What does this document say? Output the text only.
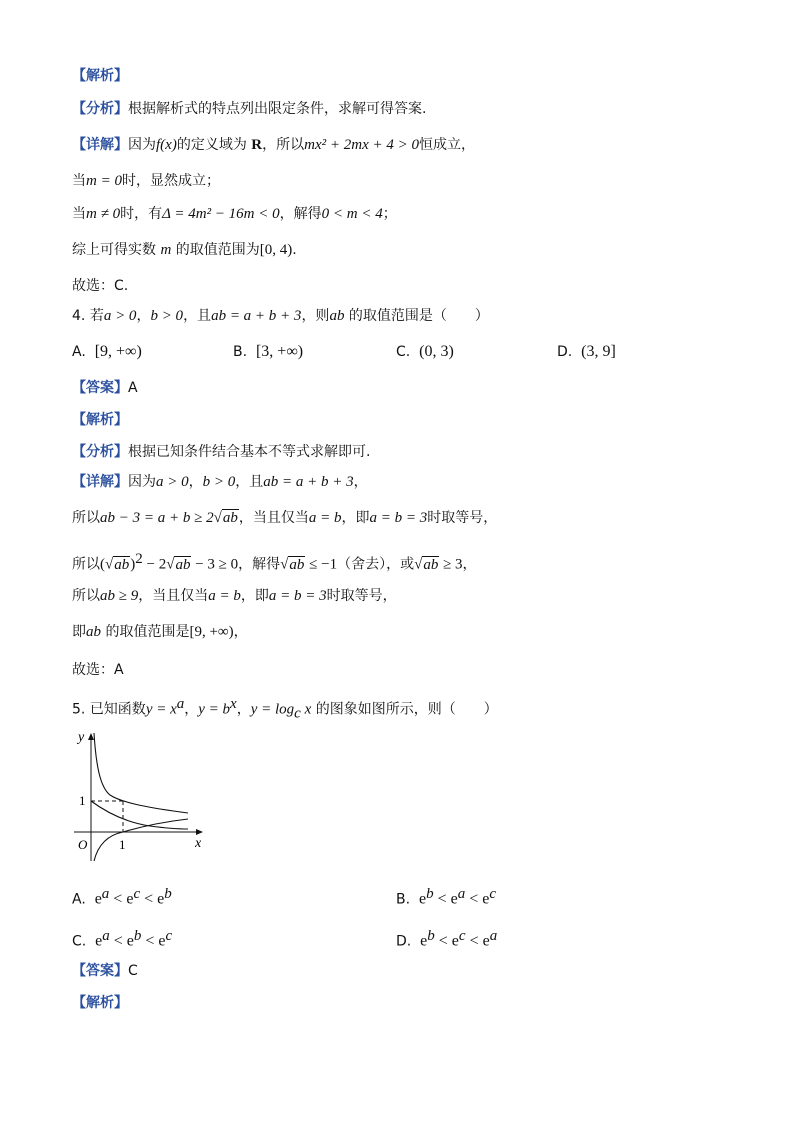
【解析】
【分析】根据解析式的特点列出限定条件，求解可得答案.
【详解】因为f(x)的定义域为 R，所以mx² + 2mx + 4 > 0恒成立，
当m = 0时，显然成立；
当m ≠ 0时，有Δ = 4m² − 16m < 0，解得0 < m < 4；
综上可得实数 m 的取值范围为[0, 4).
故选：C.
4. 若a > 0，b > 0，且ab = a + b + 3，则ab 的取值范围是（　　）
A. [9, +∞)	B. [3, +∞)	C. (0, 3)	D. (3, 9]
【答案】A
【解析】
【分析】根据已知条件结合基本不等式求解即可.
【详解】因为a > 0，b > 0，且ab = a + b + 3，
所以ab − 3 = a + b ≥ 2√ab，当且仅当a = b，即a = b = 3时取等号，
所以$(√ab)^2 - 2√ab - 3 \ge 0$，解得√ab ≤ −1（舍去），或√ab ≥ 3，
所以ab ≥ 9，当且仅当a = b，即a = b = 3时取等号，
即ab 的取值范围是[9, +∞)，
故选：A
5. 已知函数$y = x^a$，$y = b^x$，$y = \log_c x$ 的图象如图所示，则（　　）
y
x
O 1
1
A. $e^a < e^c < e^b$	B. $e^b < e^a < e^c$
C. $e^a < e^b < e^c$	D. $e^b < e^c < e^a$
【答案】C
【解析】
